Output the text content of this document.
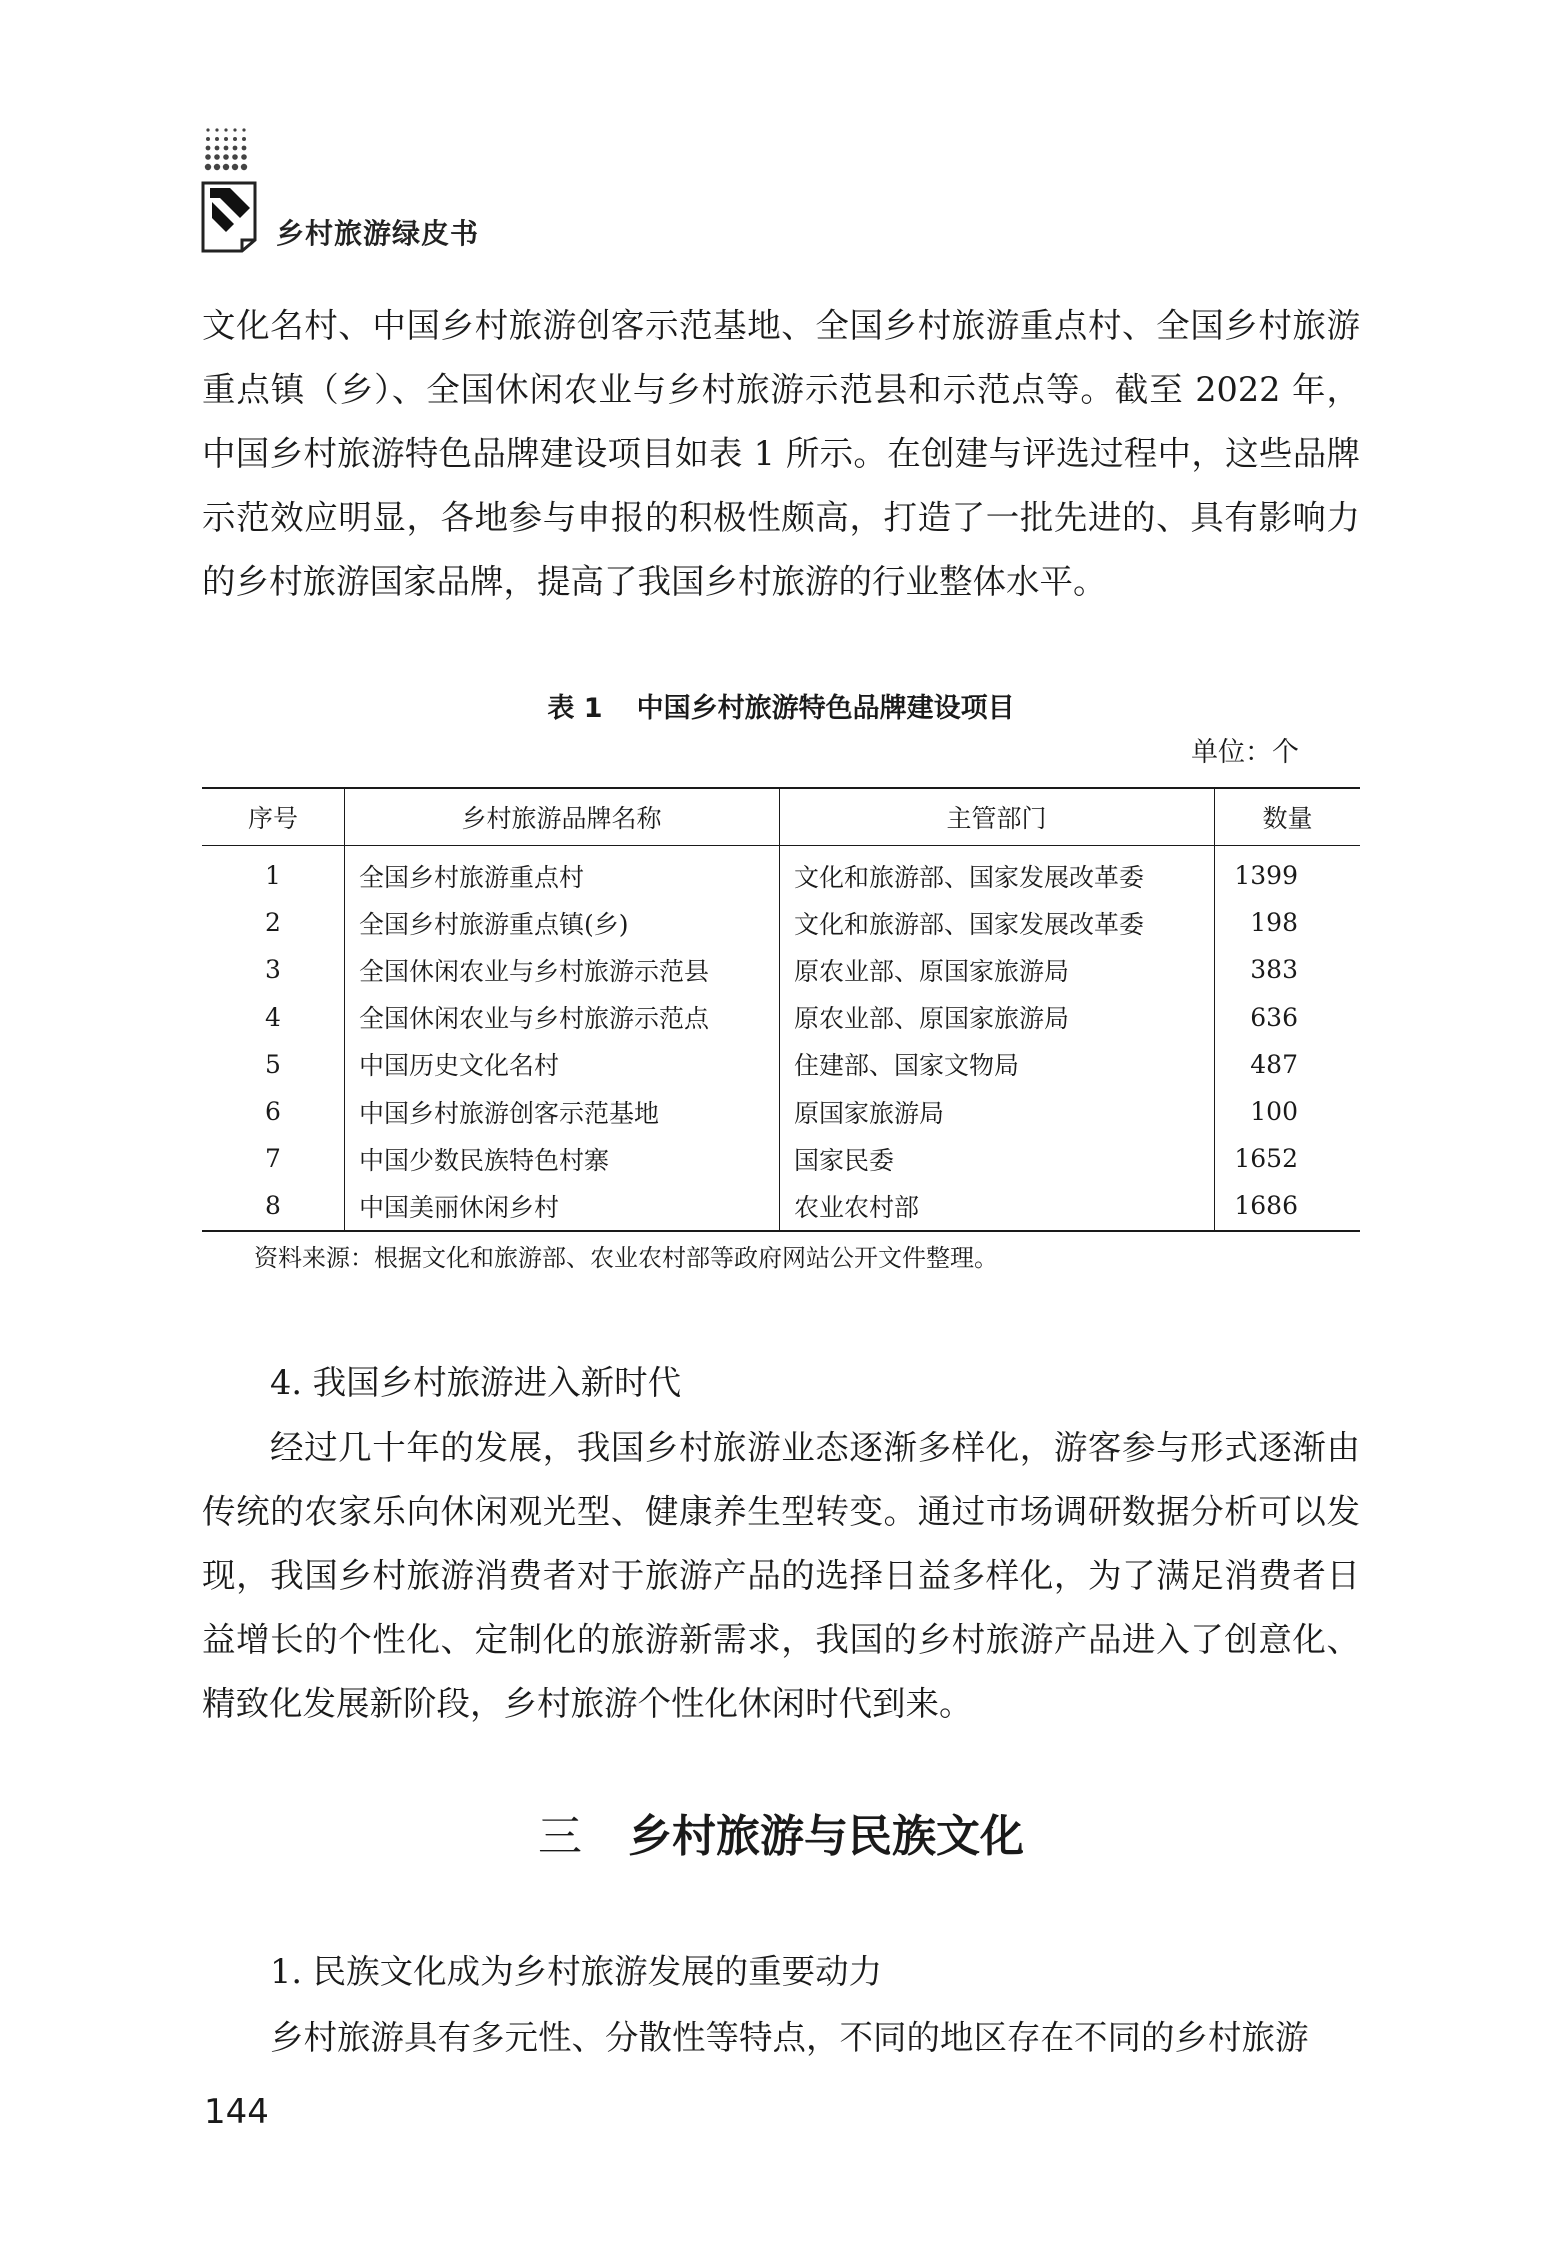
乡村旅游绿皮书

文化名村、中国乡村旅游创客示范基地、全国乡村旅游重点村、全国乡村旅游重点镇（乡）、全国休闲农业与乡村旅游示范县和示范点等。截至 2022 年，中国乡村旅游特色品牌建设项目如表 1 所示。在创建与评选过程中，这些品牌示范效应明显，各地参与申报的积极性颇高，打造了一批先进的、具有影响力的乡村旅游国家品牌，提高了我国乡村旅游的行业整体水平。

表 1 中国乡村旅游特色品牌建设项目
单位：个
序号	乡村旅游品牌名称	主管部门	数量
1	全国乡村旅游重点村	文化和旅游部、国家发展改革委	1399
2	全国乡村旅游重点镇(乡)	文化和旅游部、国家发展改革委	198
3	全国休闲农业与乡村旅游示范县	原农业部、原国家旅游局	383
4	全国休闲农业与乡村旅游示范点	原农业部、原国家旅游局	636
5	中国历史文化名村	住建部、国家文物局	487
6	中国乡村旅游创客示范基地	原国家旅游局	100
7	中国少数民族特色村寨	国家民委	1652
8	中国美丽休闲乡村	农业农村部	1686
资料来源：根据文化和旅游部、农业农村部等政府网站公开文件整理。
4. 我国乡村旅游进入新时代

经过几十年的发展，我国乡村旅游业态逐渐多样化，游客参与形式逐渐由传统的农家乐向休闲观光型、健康养生型转变。通过市场调研数据分析可以发现，我国乡村旅游消费者对于旅游产品的选择日益多样化，为了满足消费者日益增长的个性化、定制化的旅游新需求，我国的乡村旅游产品进入了创意化、精致化发展新阶段，乡村旅游个性化休闲时代到来。

三 乡村旅游与民族文化
1. 民族文化成为乡村旅游发展的重要动力

乡村旅游具有多元性、分散性等特点，不同的地区存在不同的乡村旅游

144
